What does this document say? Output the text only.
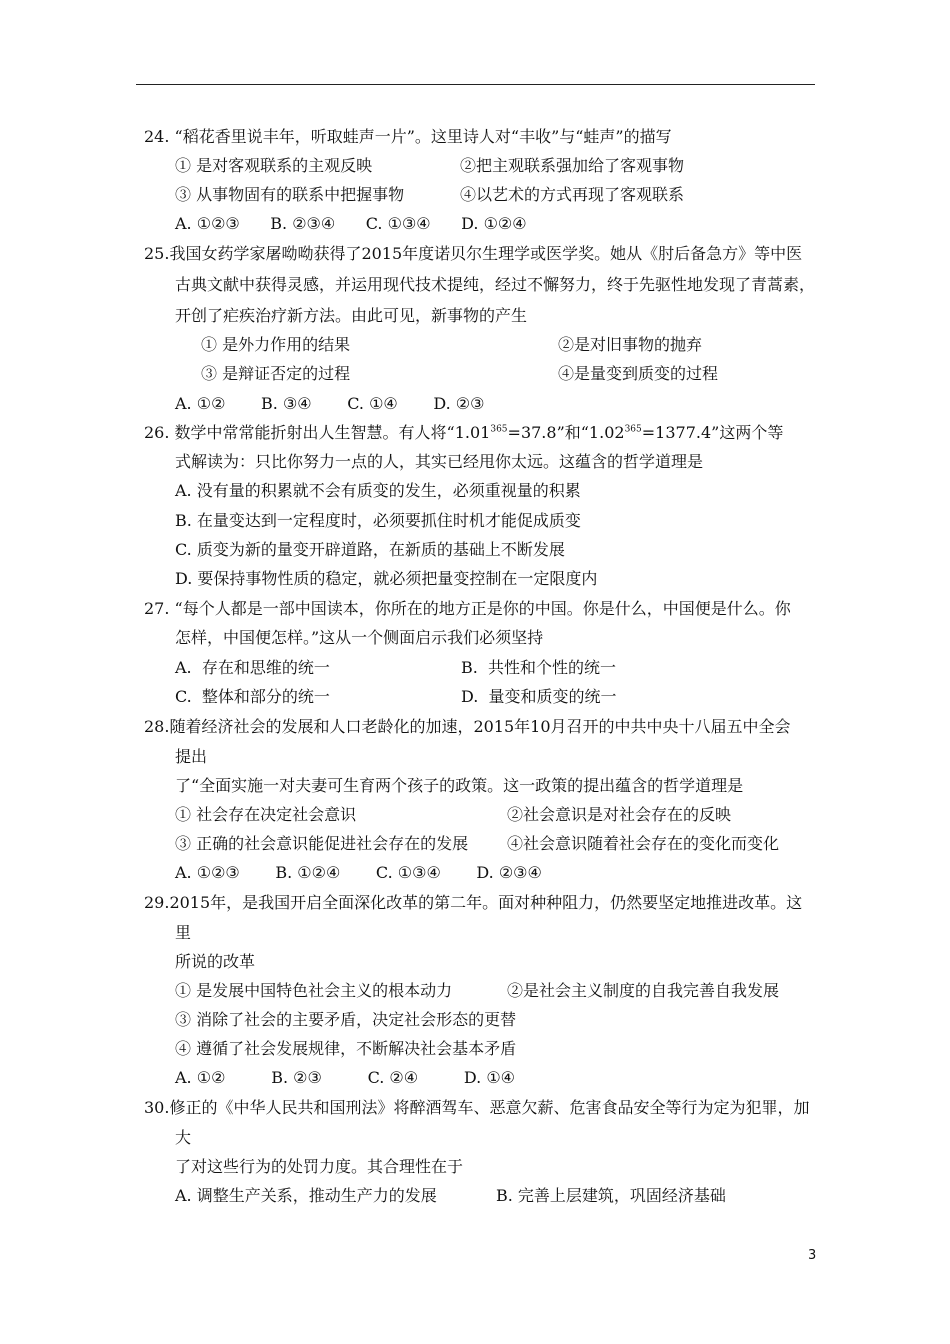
24. “稻花香里说丰年，听取蛙声一片”。这里诗人对“丰收”与“蛙声”的描写
① 是对客观联系的主观反映	②把主观联系强加给了客观事物
③ 从事物固有的联系中把握事物	④以艺术的方式再现了客观联系
A. ①②③      B. ②③④      C. ①③④      D. ①②④
25.我国女药学家屠呦呦获得了2015年度诺贝尔生理学或医学奖。她从《肘后备急方》等中医
古典文献中获得灵感，并运用现代技术提纯，经过不懈努力，终于先驱性地发现了青蒿素，
开创了疟疾治疗新方法。由此可见，新事物的产生
① 是外力作用的结果	②是对旧事物的抛弃
③ 是辩证否定的过程	④是量变到质变的过程
A. ①②       B. ③④       C. ①④       D. ②③
26. 数学中常常能折射出人生智慧。有人将“$1.01^{365}=37.8$”和“$1.02^{365}=1377.4$”这两个等
式解读为：只比你努力一点的人，其实已经甩你太远。这蕴含的哲学道理是
A. 没有量的积累就不会有质变的发生，必须重视量的积累
B. 在量变达到一定程度时，必须要抓住时机才能促成质变
C. 质变为新的量变开辟道路，在新质的基础上不断发展
D. 要保持事物性质的稳定，就必须把量变控制在一定限度内
27. “每个人都是一部中国读本，你所在的地方正是你的中国。你是什么，中国便是什么。你
怎样，中国便怎样。”这从一个侧面启示我们必须坚持
A.  存在和思维的统一	B.  共性和个性的统一
C.  整体和部分的统一	D.  量变和质变的统一
28.随着经济社会的发展和人口老龄化的加速，2015年10月召开的中共中央十八届五中全会
提出
了“全面实施一对夫妻可生育两个孩子的政策。这一政策的提出蕴含的哲学道理是
① 社会存在决定社会意识	②社会意识是对社会存在的反映
③ 正确的社会意识能促进社会存在的发展 ④社会意识随着社会存在的变化而变化
A. ①②③       B. ①②④       C. ①③④       D. ②③④
29.2015年，是我国开启全面深化改革的第二年。面对种种阻力，仍然要坚定地推进改革。这
里
所说的改革
① 是发展中国特色社会主义的根本动力	②是社会主义制度的自我完善自我发展
③ 消除了社会的主要矛盾，决定社会形态的更替
④ 遵循了社会发展规律，不断解决社会基本矛盾
A. ①②         B. ②③         C. ②④         D. ①④
30.修正的《中华人民共和国刑法》将醉酒驾车、恶意欠薪、危害食品安全等行为定为犯罪，加
大
了对这些行为的处罚力度。其合理性在于
A. 调整生产关系，推动生产力的发展	B. 完善上层建筑，巩固经济基础
3
